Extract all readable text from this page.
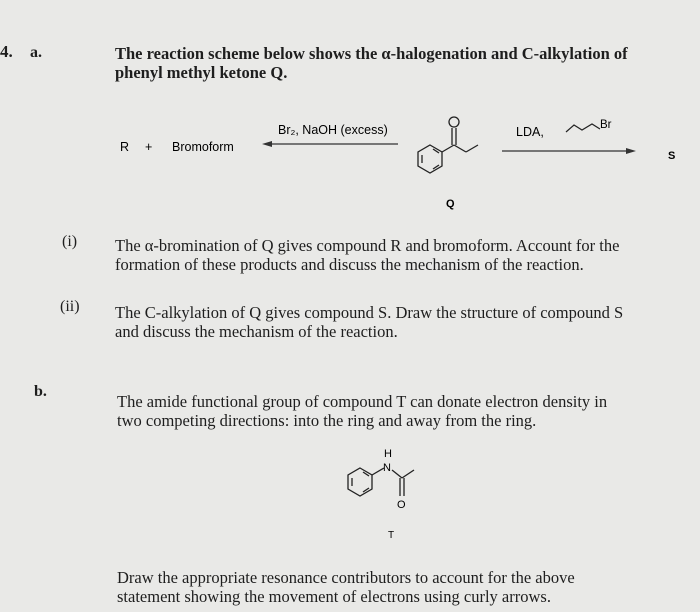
4. a.	The reaction scheme below shows the α-halogenation and C-alkylation of
phenyl methyl ketone Q.
R + Bromoform
Br₂, NaOH (excess)
Q
LDA,	Br
S
(i) The α-bromination of Q gives compound R and bromoform. Account for the
formation of these products and discuss the mechanism of the reaction.
(ii) The C-alkylation of Q gives compound S. Draw the structure of compound S
and discuss the mechanism of the reaction.
b.
The amide functional group of compound T can donate electron density in
two competing directions: into the ring and away from the ring.
H
N
O
T
Draw the appropriate resonance contributors to account for the above
statement showing the movement of electrons using curly arrows.
